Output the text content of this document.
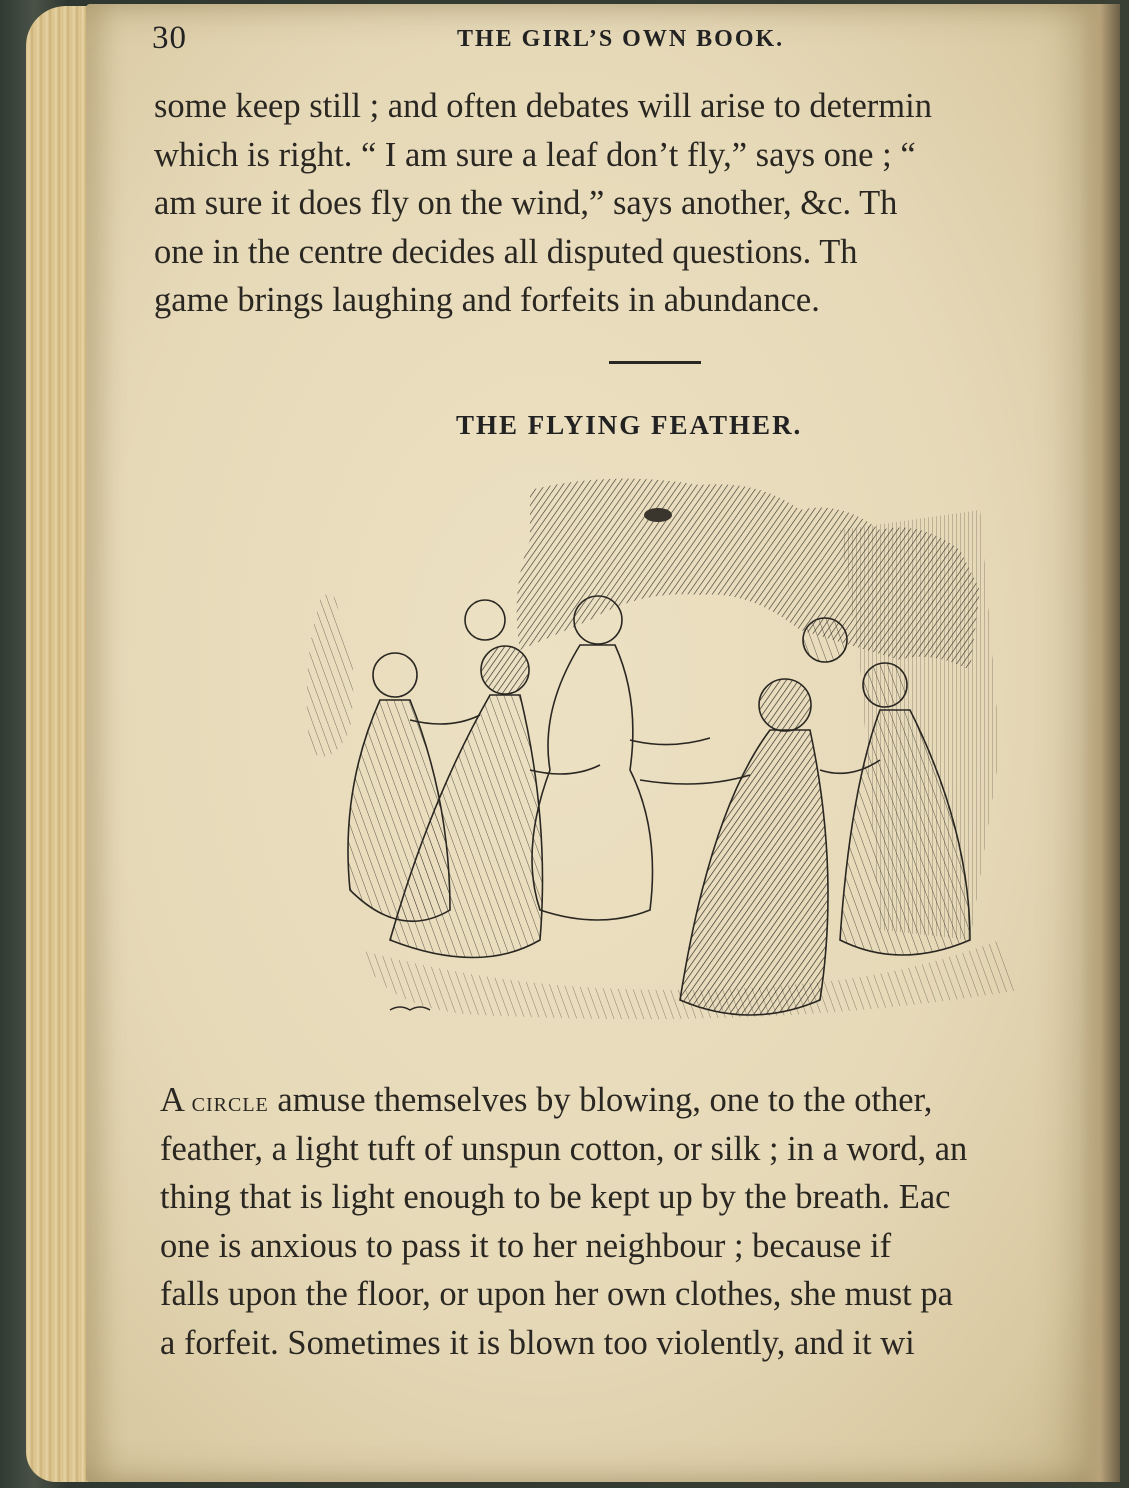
30	THE GIRL’S OWN BOOK.
some keep still ; and often debates will arise to determin
which is right. “ I am sure a leaf don’t fly,” says one ; “
am sure it does fly on the wind,” says another, &c. Th
one in the centre decides all disputed questions. Th
game brings laughing and forfeits in abundance.
THE FLYING FEATHER.
A circle amuse themselves by blowing, one to the other,
feather, a light tuft of unspun cotton, or silk ; in a word, an
thing that is light enough to be kept up by the breath. Eac
one is anxious to pass it to her neighbour ; because if
falls upon the floor, or upon her own clothes, she must pa
a forfeit. Sometimes it is blown too violently, and it wi
